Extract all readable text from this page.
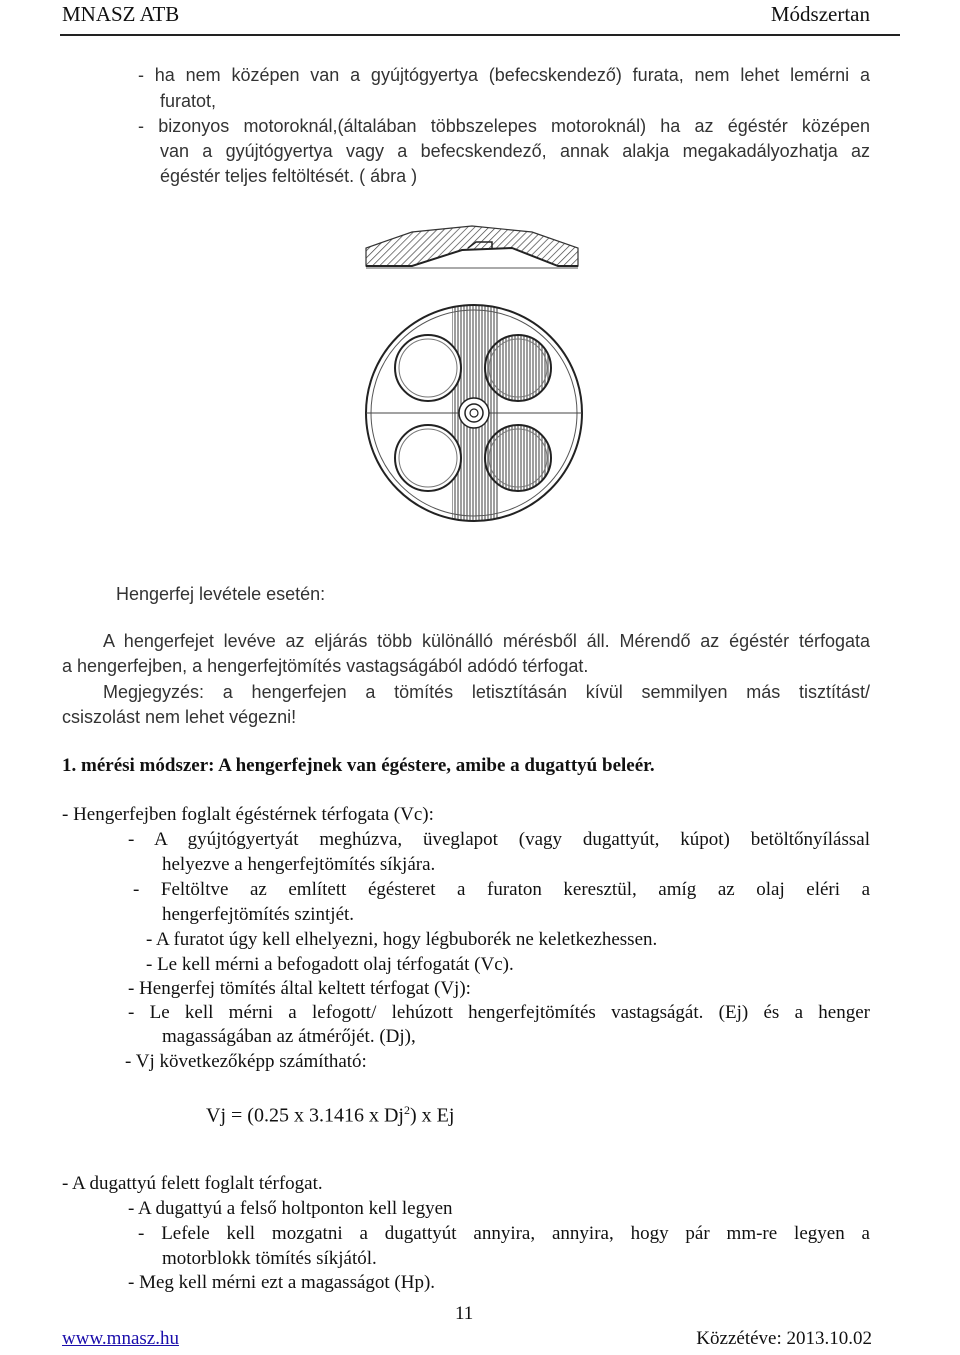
MNASZ ATB	Módszertan
- ha nem középen van a gyújtógyertya (befecskendező) furata, nem lehet lemérni a
furatot,
- bizonyos motoroknál,(általában többszelepes motoroknál) ha az égéstér középen
van a gyújtógyertya vagy a befecskendező, annak alakja megakadályozhatja az
égéstér teljes feltöltését. ( ábra )
Hengerfej levétele esetén:
A hengerfejet levéve az eljárás több különálló mérésből áll. Mérendő az égéstér térfogata
a hengerfejben, a hengerfejtömítés vastagságából adódó térfogat.
Megjegyzés: a hengerfejen a tömítés letisztításán kívül semmilyen más tisztítást/
csiszolást nem lehet végezni!
1. mérési módszer: A hengerfejnek van égéstere, amibe a dugattyú beleér.
- Hengerfejben foglalt égéstérnek térfogata (Vc):
- A gyújtógyertyát meghúzva, üveglapot (vagy dugattyút, kúpot) betöltőnyílással
helyezve a hengerfejtömítés síkjára.
- Feltöltve az említett égésteret a furaton keresztül, amíg az olaj eléri a
hengerfejtömítés szintjét.
- A furatot úgy kell elhelyezni, hogy légbuborék ne keletkezhessen.
- Le kell mérni a befogadott olaj térfogatát (Vc).
- Hengerfej tömítés által keltett térfogat (Vj):
- Le kell mérni a lefogott/ lehúzott hengerfejtömítés vastagságát. (Ej) és a henger
magasságában az átmérőjét. (Dj),
- Vj következőképp számítható:
Vj = (0.25 x 3.1416 x Dj$^2$) x Ej
- A dugattyú felett foglalt térfogat.
- A dugattyú a felső holtponton kell legyen
- Lefele kell mozgatni a dugattyút annyira, annyira, hogy pár mm-re legyen a
motorblokk tömítés síkjától.
- Meg kell mérni ezt a magasságot (Hp).
11
www.mnasz.hu	Közzétéve: 2013.10.02
